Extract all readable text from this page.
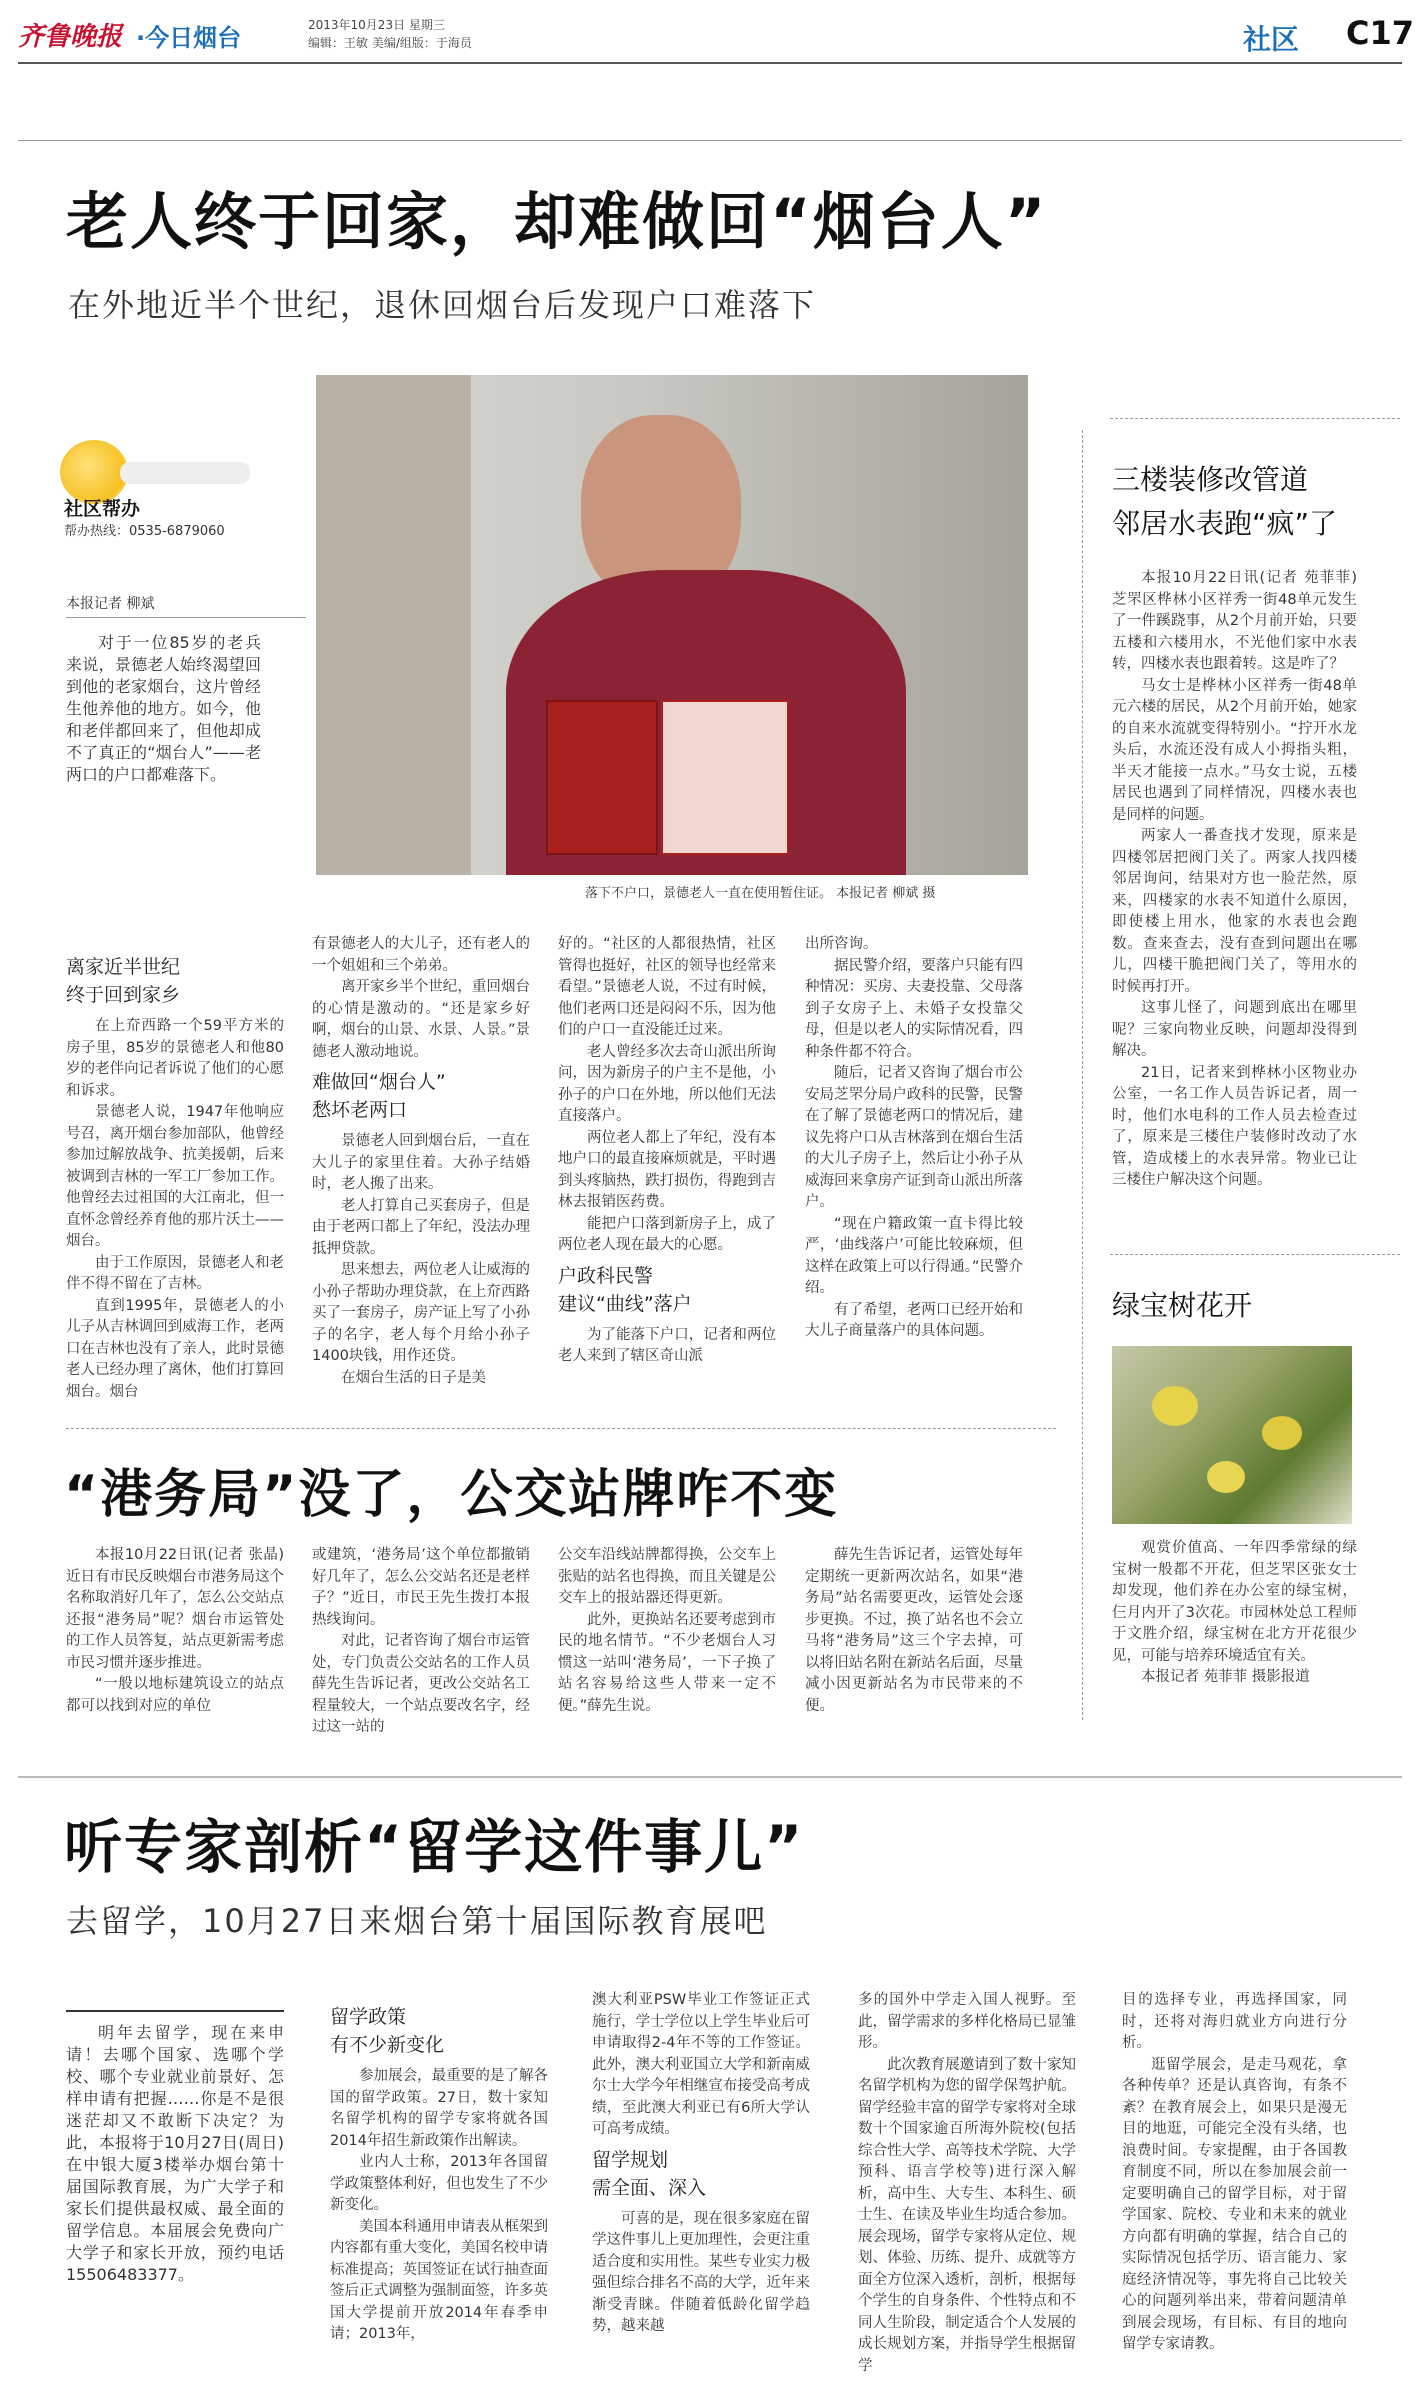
齐鲁晚报 ·今日烟台	2013年10月23日 星期三
编辑：王敏 美编/组版：于海员	社区 C17
老人终于回家，却难做回“烟台人”
在外地近半个世纪，退休回烟台后发现户口难落下
社区帮办
帮办热线：0535-6879060
本报记者 柳斌

对于一位85岁的老兵来说，景德老人始终渴望回到他的老家烟台，这片曾经生他养他的地方。如今，他和老伴都回来了，但他却成不了真正的“烟台人”——老两口的户口都难落下。

落下不户口，景德老人一直在使用暂住证。 本报记者 柳斌 摄
离家近半世纪
终于回到家乡

在上夼西路一个59平方米的房子里，85岁的景德老人和他80岁的老伴向记者诉说了他们的心愿和诉求。

景德老人说，1947年他响应号召，离开烟台参加部队，他曾经参加过解放战争、抗美援朝，后来被调到吉林的一军工厂参加工作。他曾经去过祖国的大江南北，但一直怀念曾经养育他的那片沃土——烟台。

由于工作原因，景德老人和老伴不得不留在了吉林。

直到1995年，景德老人的小儿子从吉林调回到威海工作，老两口在吉林也没有了亲人，此时景德老人已经办理了离休，他们打算回烟台。烟台

有景德老人的大儿子，还有老人的一个姐姐和三个弟弟。

离开家乡半个世纪，重回烟台的心情是激动的。“还是家乡好啊，烟台的山景、水景、人景。”景德老人激动地说。

难做回“烟台人”
愁坏老两口

景德老人回到烟台后，一直在大儿子的家里住着。大孙子结婚时，老人搬了出来。

老人打算自己买套房子，但是由于老两口都上了年纪，没法办理抵押贷款。

思来想去，两位老人让威海的小孙子帮助办理贷款，在上夼西路买了一套房子，房产证上写了小孙子的名字，老人每个月给小孙子1400块钱，用作还贷。

在烟台生活的日子是美

好的。“社区的人都很热情，社区管得也挺好，社区的领导也经常来看望。”景德老人说，不过有时候，他们老两口还是闷闷不乐，因为他们的户口一直没能迁过来。

老人曾经多次去奇山派出所询问，因为新房子的户主不是他，小孙子的户口在外地，所以他们无法直接落户。

两位老人都上了年纪，没有本地户口的最直接麻烦就是，平时遇到头疼脑热，跌打损伤，得跑到吉林去报销医药费。

能把户口落到新房子上，成了两位老人现在最大的心愿。

户政科民警
建议“曲线”落户

为了能落下户口，记者和两位老人来到了辖区奇山派

出所咨询。

据民警介绍，要落户只能有四种情况：买房、夫妻投靠、父母落到子女房子上、未婚子女投靠父母，但是以老人的实际情况看，四种条件都不符合。

随后，记者又咨询了烟台市公安局芝罘分局户政科的民警，民警在了解了景德老两口的情况后，建议先将户口从吉林落到在烟台生活的大儿子房子上，然后让小孙子从威海回来拿房产证到奇山派出所落户。

“现在户籍政策一直卡得比较严，‘曲线落户’可能比较麻烦，但这样在政策上可以行得通。”民警介绍。

有了希望，老两口已经开始和大儿子商量落户的具体问题。

三楼装修改管道
邻居水表跑“疯”了

本报10月22日讯(记者 苑菲菲) 芝罘区桦林小区祥秀一街48单元发生了一件蹊跷事，从2个月前开始，只要五楼和六楼用水，不光他们家中水表转，四楼水表也跟着转。这是咋了？

马女士是桦林小区祥秀一街48单元六楼的居民，从2个月前开始，她家的自来水流就变得特别小。“拧开水龙头后，水流还没有成人小拇指头粗，半天才能接一点水。”马女士说，五楼居民也遇到了同样情况，四楼水表也是同样的问题。

两家人一番查找才发现，原来是四楼邻居把阀门关了。两家人找四楼邻居询问，结果对方也一脸茫然，原来，四楼家的水表不知道什么原因，即使楼上用水，他家的水表也会跑数。查来查去，没有查到问题出在哪儿，四楼干脆把阀门关了，等用水的时候再打开。

这事儿怪了，问题到底出在哪里呢？三家向物业反映，问题却没得到解决。

21日，记者来到桦林小区物业办公室，一名工作人员告诉记者，周一时，他们水电科的工作人员去检查过了，原来是三楼住户装修时改动了水管，造成楼上的水表异常。物业已让三楼住户解决这个问题。

绿宝树花开

观赏价值高、一年四季常绿的绿宝树一般都不开花，但芝罘区张女士却发现，他们养在办公室的绿宝树，仨月内开了3次花。市园林处总工程师于文胜介绍，绿宝树在北方开花很少见，可能与培养环境适宜有关。

本报记者 苑菲菲 摄影报道

“港务局”没了，公交站牌咋不变

本报10月22日讯(记者 张晶) 近日有市民反映烟台市港务局这个名称取消好几年了，怎么公交站点还报“港务局”呢？烟台市运管处的工作人员答复，站点更新需考虑市民习惯并逐步推进。

“一般以地标建筑设立的站点都可以找到对应的单位

或建筑，‘港务局’这个单位都撤销好几年了，怎么公交站名还是老样子？”近日，市民王先生拨打本报热线询问。

对此，记者咨询了烟台市运管处，专门负责公交站名的工作人员薛先生告诉记者，更改公交站名工程量较大，一个站点要改名字，经过这一站的

公交车沿线站牌都得换，公交车上张贴的站名也得换，而且关键是公交车上的报站器还得更新。

此外，更换站名还要考虑到市民的地名情节。“不少老烟台人习惯这一站叫‘港务局’，一下子换了站名容易给这些人带来一定不便。”薛先生说。

薛先生告诉记者，运管处每年定期统一更新两次站名，如果“港务局”站名需要更改，运管处会逐步更换。不过，换了站名也不会立马将“港务局”这三个字去掉，可以将旧站名附在新站名后面，尽量减小因更新站名为市民带来的不便。

听专家剖析“留学这件事儿”
去留学，10月27日来烟台第十届国际教育展吧

明年去留学，现在来申请！去哪个国家、选哪个学校、哪个专业就业前景好、怎样申请有把握……你是不是很迷茫却又不敢断下决定？为此，本报将于10月27日(周日)在中银大厦3楼举办烟台第十届国际教育展，为广大学子和家长们提供最权威、最全面的留学信息。本届展会免费向广大学子和家长开放，预约电话15506483377。

留学政策
有不少新变化

参加展会，最重要的是了解各国的留学政策。27日，数十家知名留学机构的留学专家将就各国2014年招生新政策作出解读。

业内人士称，2013年各国留学政策整体利好，但也发生了不少新变化。

美国本科通用申请表从框架到内容都有重大变化，美国名校申请标准提高；英国签证在试行抽查面签后正式调整为强制面签，许多英国大学提前开放2014年春季申请；2013年，

澳大利亚PSW毕业工作签证正式施行，学士学位以上学生毕业后可申请取得2-4年不等的工作签证。此外，澳大利亚国立大学和新南威尔士大学今年相继宣布接受高考成绩，至此澳大利亚已有6所大学认可高考成绩。

留学规划
需全面、深入

可喜的是，现在很多家庭在留学这件事儿上更加理性，会更注重适合度和实用性。某些专业实力极强但综合排名不高的大学，近年来渐受青睐。伴随着低龄化留学趋势，越来越

多的国外中学走入国人视野。至此，留学需求的多样化格局已显雏形。

此次教育展邀请到了数十家知名留学机构为您的留学保驾护航。留学经验丰富的留学专家将对全球数十个国家逾百所海外院校(包括综合性大学、高等技术学院、大学预科、语言学校等)进行深入解析，高中生、大专生、本科生、硕士生、在读及毕业生均适合参加。展会现场，留学专家将从定位、规划、体验、历练、提升、成就等方面全方位深入透析，剖析，根据每个学生的自身条件、个性特点和不同人生阶段，制定适合个人发展的成长规划方案，并指导学生根据留学

目的选择专业，再选择国家，同时，还将对海归就业方向进行分析。

逛留学展会，是走马观花，拿各种传单？还是认真咨询，有条不紊？在教育展会上，如果只是漫无目的地逛，可能完全没有头绪，也浪费时间。专家提醒，由于各国教育制度不同，所以在参加展会前一定要明确自己的留学目标，对于留学国家、院校、专业和未来的就业方向都有明确的掌握，结合自己的实际情况包括学历、语言能力、家庭经济情况等，事先将自己比较关心的问题列举出来，带着问题清单到展会现场，有目标、有目的地向留学专家请教。
